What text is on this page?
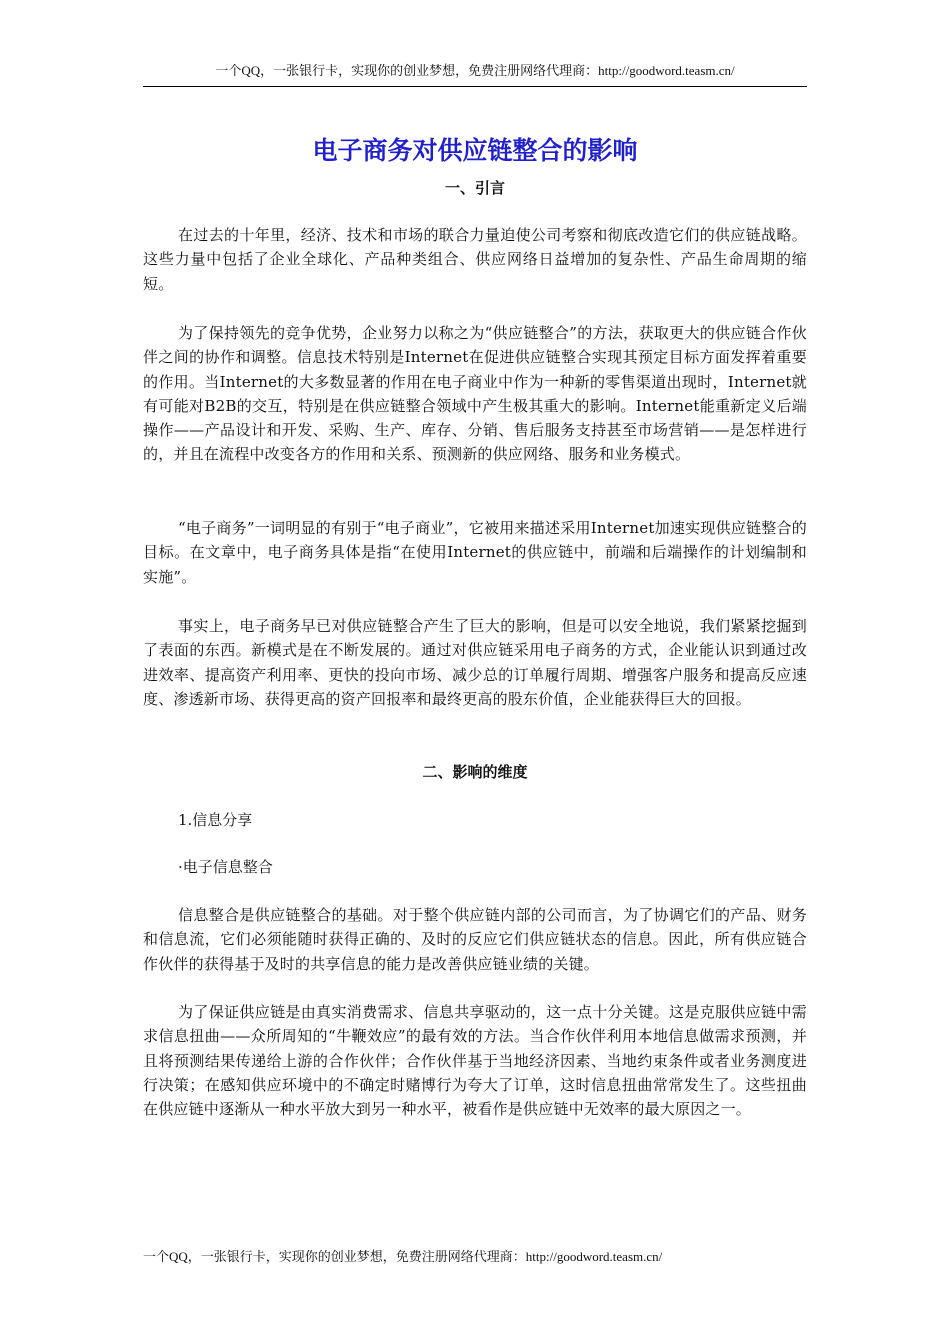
一个QQ，一张银行卡，实现你的创业梦想，免费注册网络代理商：http://goodword.teasm.cn/
电子商务对供应链整合的影响
一、引言
在过去的十年里，经济、技术和市场的联合力量迫使公司考察和彻底改造它们的供应链战略。这些力量中包括了企业全球化、产品种类组合、供应网络日益增加的复杂性、产品生命周期的缩短。
为了保持领先的竞争优势，企业努力以称之为“供应链整合”的方法，获取更大的供应链合作伙伴之间的协作和调整。信息技术特别是Internet在促进供应链整合实现其预定目标方面发挥着重要的作用。当Internet的大多数显著的作用在电子商业中作为一种新的零售渠道出现时，Internet就有可能对B2B的交互，特别是在供应链整合领域中产生极其重大的影响。Internet能重新定义后端操作——产品设计和开发、采购、生产、库存、分销、售后服务支持甚至市场营销——是怎样进行的，并且在流程中改变各方的作用和关系、预测新的供应网络、服务和业务模式。
“电子商务”一词明显的有别于“电子商业”，它被用来描述采用Internet加速实现供应链整合的目标。在文章中，电子商务具体是指“在使用Internet的供应链中，前端和后端操作的计划编制和实施”。
事实上，电子商务早已对供应链整合产生了巨大的影响，但是可以安全地说，我们紧紧挖掘到了表面的东西。新模式是在不断发展的。通过对供应链采用电子商务的方式，企业能认识到通过改进效率、提高资产利用率、更快的投向市场、减少总的订单履行周期、增强客户服务和提高反应速度、渗透新市场、获得更高的资产回报率和最终更高的股东价值，企业能获得巨大的回报。
二、影响的维度
1.信息分享
·电子信息整合
信息整合是供应链整合的基础。对于整个供应链内部的公司而言，为了协调它们的产品、财务和信息流，它们必须能随时获得正确的、及时的反应它们供应链状态的信息。因此，所有供应链合作伙伴的获得基于及时的共享信息的能力是改善供应链业绩的关键。
为了保证供应链是由真实消费需求、信息共享驱动的，这一点十分关键。这是克服供应链中需求信息扭曲——众所周知的“牛鞭效应”的最有效的方法。当合作伙伴利用本地信息做需求预测，并且将预测结果传递给上游的合作伙伴；合作伙伴基于当地经济因素、当地约束条件或者业务测度进行决策；在感知供应环境中的不确定时赌博行为夸大了订单，这时信息扭曲常常发生了。这些扭曲在供应链中逐渐从一种水平放大到另一种水平，被看作是供应链中无效率的最大原因之一。
一个QQ，一张银行卡，实现你的创业梦想，免费注册网络代理商：http://goodword.teasm.cn/
